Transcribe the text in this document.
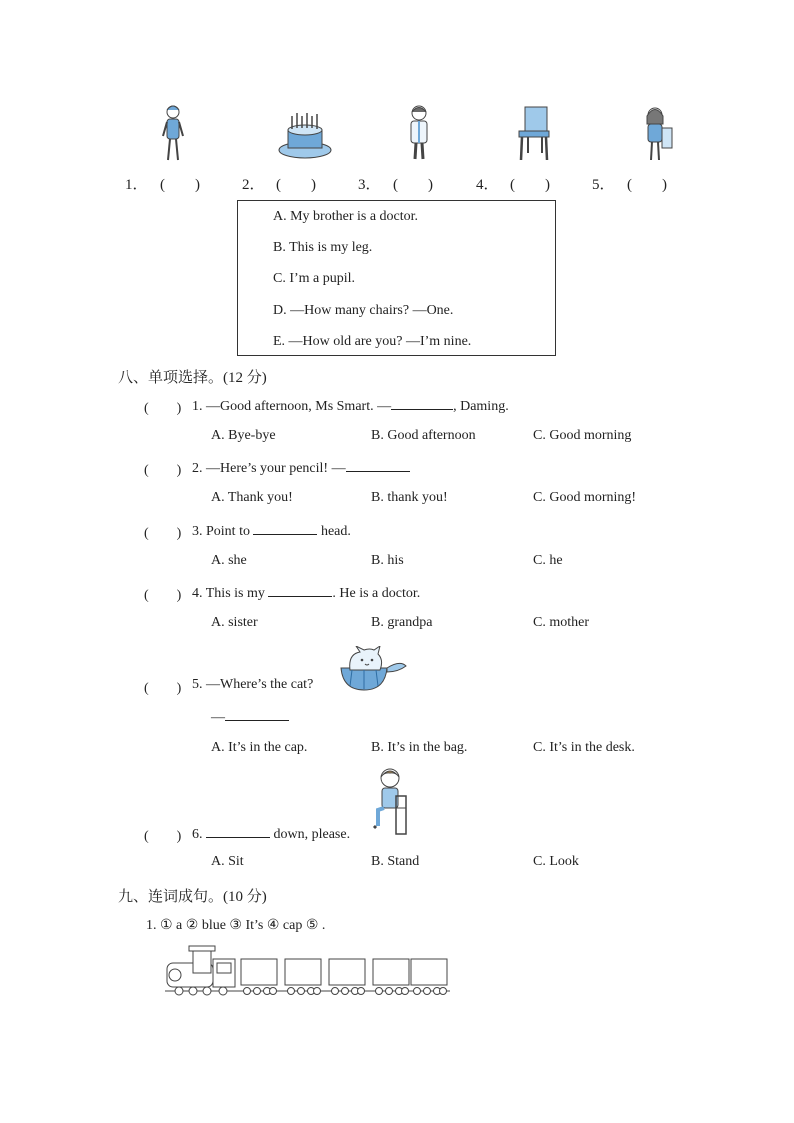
1． (　　)	2． (　　)	3． (　　)	4． (　　)	5． (　　)
A. My brother is a doctor.
B. This is my leg.
C. I’m a pupil.
D. —How many chairs? —One.
E. —How old are you? —I’m nine.
八、单项选择。(12 分)
(　　) 1. —Good afternoon, Ms Smart. —	, Daming.
A. Bye-bye	B. Good afternoon	C. Good morning
(　　) 2. —Here’s your pencil! —
A. Thank you!	B. thank you!	C. Good morning!
(　　) 3. Point to	head.
A. she	B. his	C. he
(　　) 4. This is my	. He is a doctor.
A. sister	B. grandpa	C. mother
(　　) 5. —Where’s the cat?
—
A. It’s in the cap.	B. It’s in the bag.	C. It’s in the desk.
(　　) 6.	down, please.
A. Sit	B. Stand	C. Look
九、连词成句。(10 分)
1. ① a ② blue ③ It’s ④ cap ⑤ .
